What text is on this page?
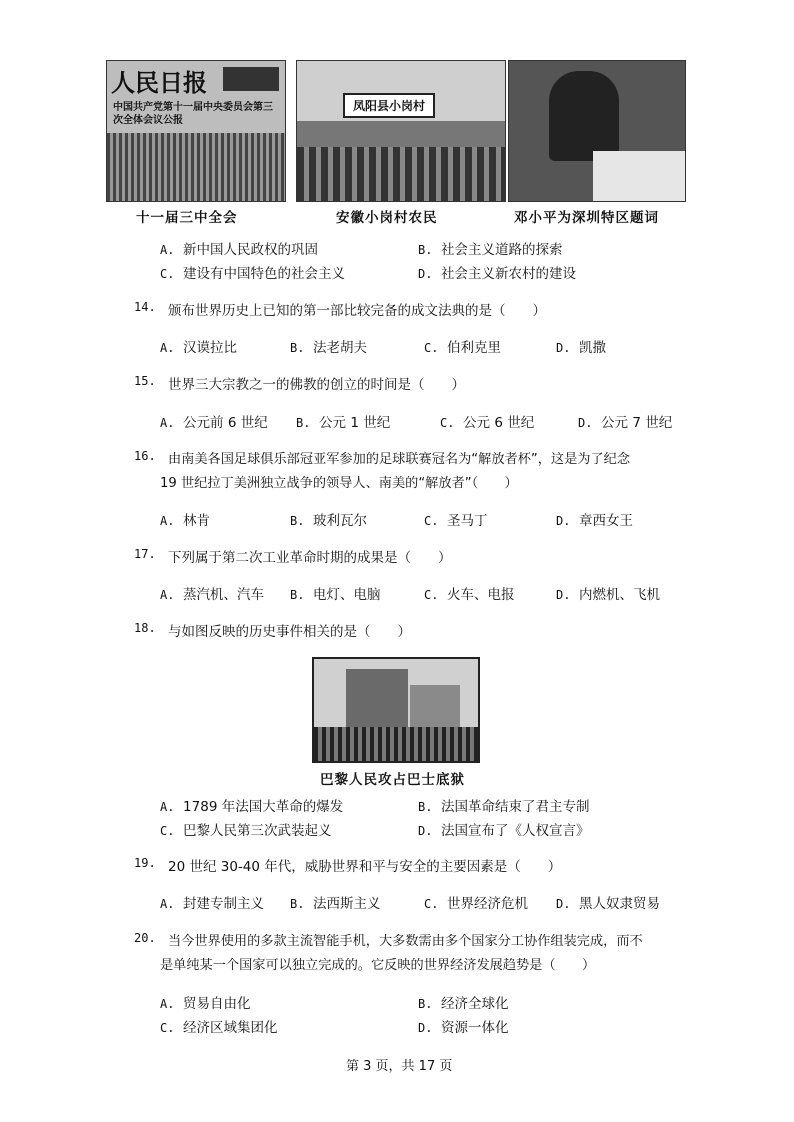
人民日报
中国共产党第十一届中央委员会第三次全体会议公报
十一届三中全会
凤阳县小岗村
安徽小岗村农民	邓小平为深圳特区题词
A. 新中国人民政权的巩固	B. 社会主义道路的探索
C. 建设有中国特色的社会主义	D. 社会主义新农村的建设
14. 颁布世界历史上已知的第一部比较完备的成文法典的是（　　）
A. 汉谟拉比	B. 法老胡夫	C. 伯利克里	D. 凯撒
15. 世界三大宗教之一的佛教的创立的时间是（　　）
A. 公元前 6 世纪 B. 公元 1 世纪	C. 公元 6 世纪	D. 公元 7 世纪
16. 由南美各国足球俱乐部冠亚军参加的足球联赛冠名为“解放者杯”，这是为了纪念
19 世纪拉丁美洲独立战争的领导人、南美的“解放者”（　　）
A. 林肯	B. 玻利瓦尔	C. 圣马丁	D. 章西女王
17. 下列属于第二次工业革命时期的成果是（　　）
A. 蒸汽机、汽车 B. 电灯、电脑	C. 火车、电报	D. 内燃机、飞机
18. 与如图反映的历史事件相关的是（　　）
巴黎人民攻占巴士底狱
A. 1789 年法国大革命的爆发	B. 法国革命结束了君主专制
C. 巴黎人民第三次武装起义	D. 法国宣布了《人权宣言》
19. 20 世纪 30-40 年代，威胁世界和平与安全的主要因素是（　　）
A. 封建专制主义 B. 法西斯主义	C. 世界经济危机 D. 黑人奴隶贸易
20. 当今世界使用的多款主流智能手机，大多数需由多个国家分工协作组装完成，而不
是单纯某一个国家可以独立完成的。它反映的世界经济发展趋势是（　　）
A. 贸易自由化	B. 经济全球化
C. 经济区域集团化	D. 资源一体化
第 3 页，共 17 页
